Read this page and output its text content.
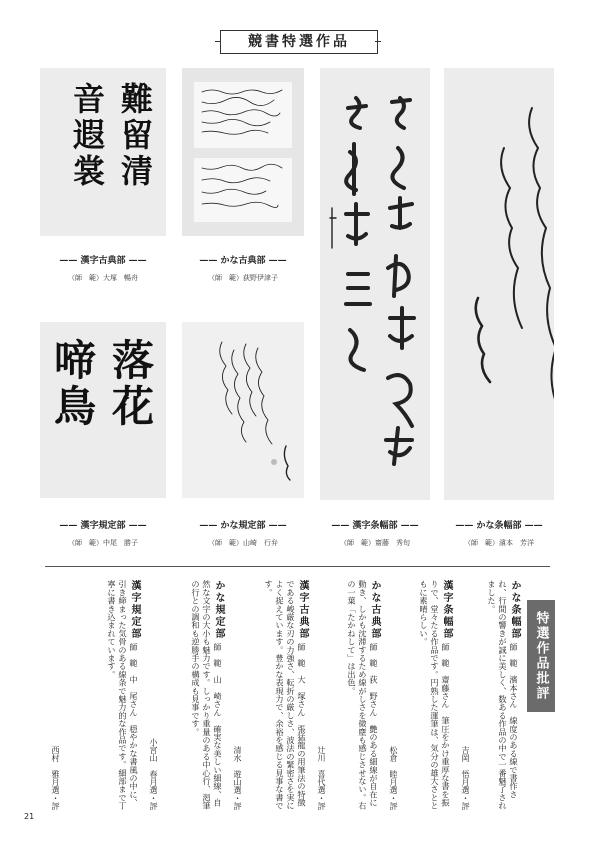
競書特選作品
難留清
音遐裳
—— 漢字古典部 ——
（師　範）大塚　暢舟
—— かな古典部 ——
（師　範）荻野伊津子
—— 漢字条幅部 ——
（師　範）齋藤　秀旬
—— かな条幅部 ——
（師　範）濱本　芳洋
落花
啼鳥
—— 漢字規定部 ——
（師　範）中尾　勝子
—— かな規定部 ——
（師　範）山崎　行弁
特選作品批評
かな条幅部 師　範　濱本さん　線度のある線で書作され、行間の響きが誠に美しく、数ある作品の中で一番魅了されました。
吉岡　悟月選・評
漢字条幅部 師　範　齋藤さん　筆圧をかけ重厚な書を振りで、堂々たる作品です。円熟した運筆は、気分の雄大さとともに素晴らしい。
松倉　睦月選・評
かな古典部 師　範　荻　野さん　艶のある細線が自在に動き、しかも沈滞するため線がしさを微塵も感じさせない。右の一葉「たかねして」は出色。
辻川　喜代選・評
漢字古典部 師　範　大　塚さん　張猛龍の用筆法の特徴である峻厳な刃の力強さ、転折の厳しさ、波法の緊密さを実によく捉えています。豊かな表現力で、余裕を感じる見事な書です。
清水　遊山選・評
かな規定部 師　範　山　崎さん　確実な美しい細線、自然な文字の大小も魅力です。しっかり重量のある中心行、渇筆の行との調和も逆勝手の構成も見事です。
小宮山　春月選・評
漢字規定部 師　範　中　尾さん　穏やかな書風の中に、引き締まった気骨のある線条で魅力的な作品です。細部まで丁寧に書き込まれています。
西村　雅月選・評
21
